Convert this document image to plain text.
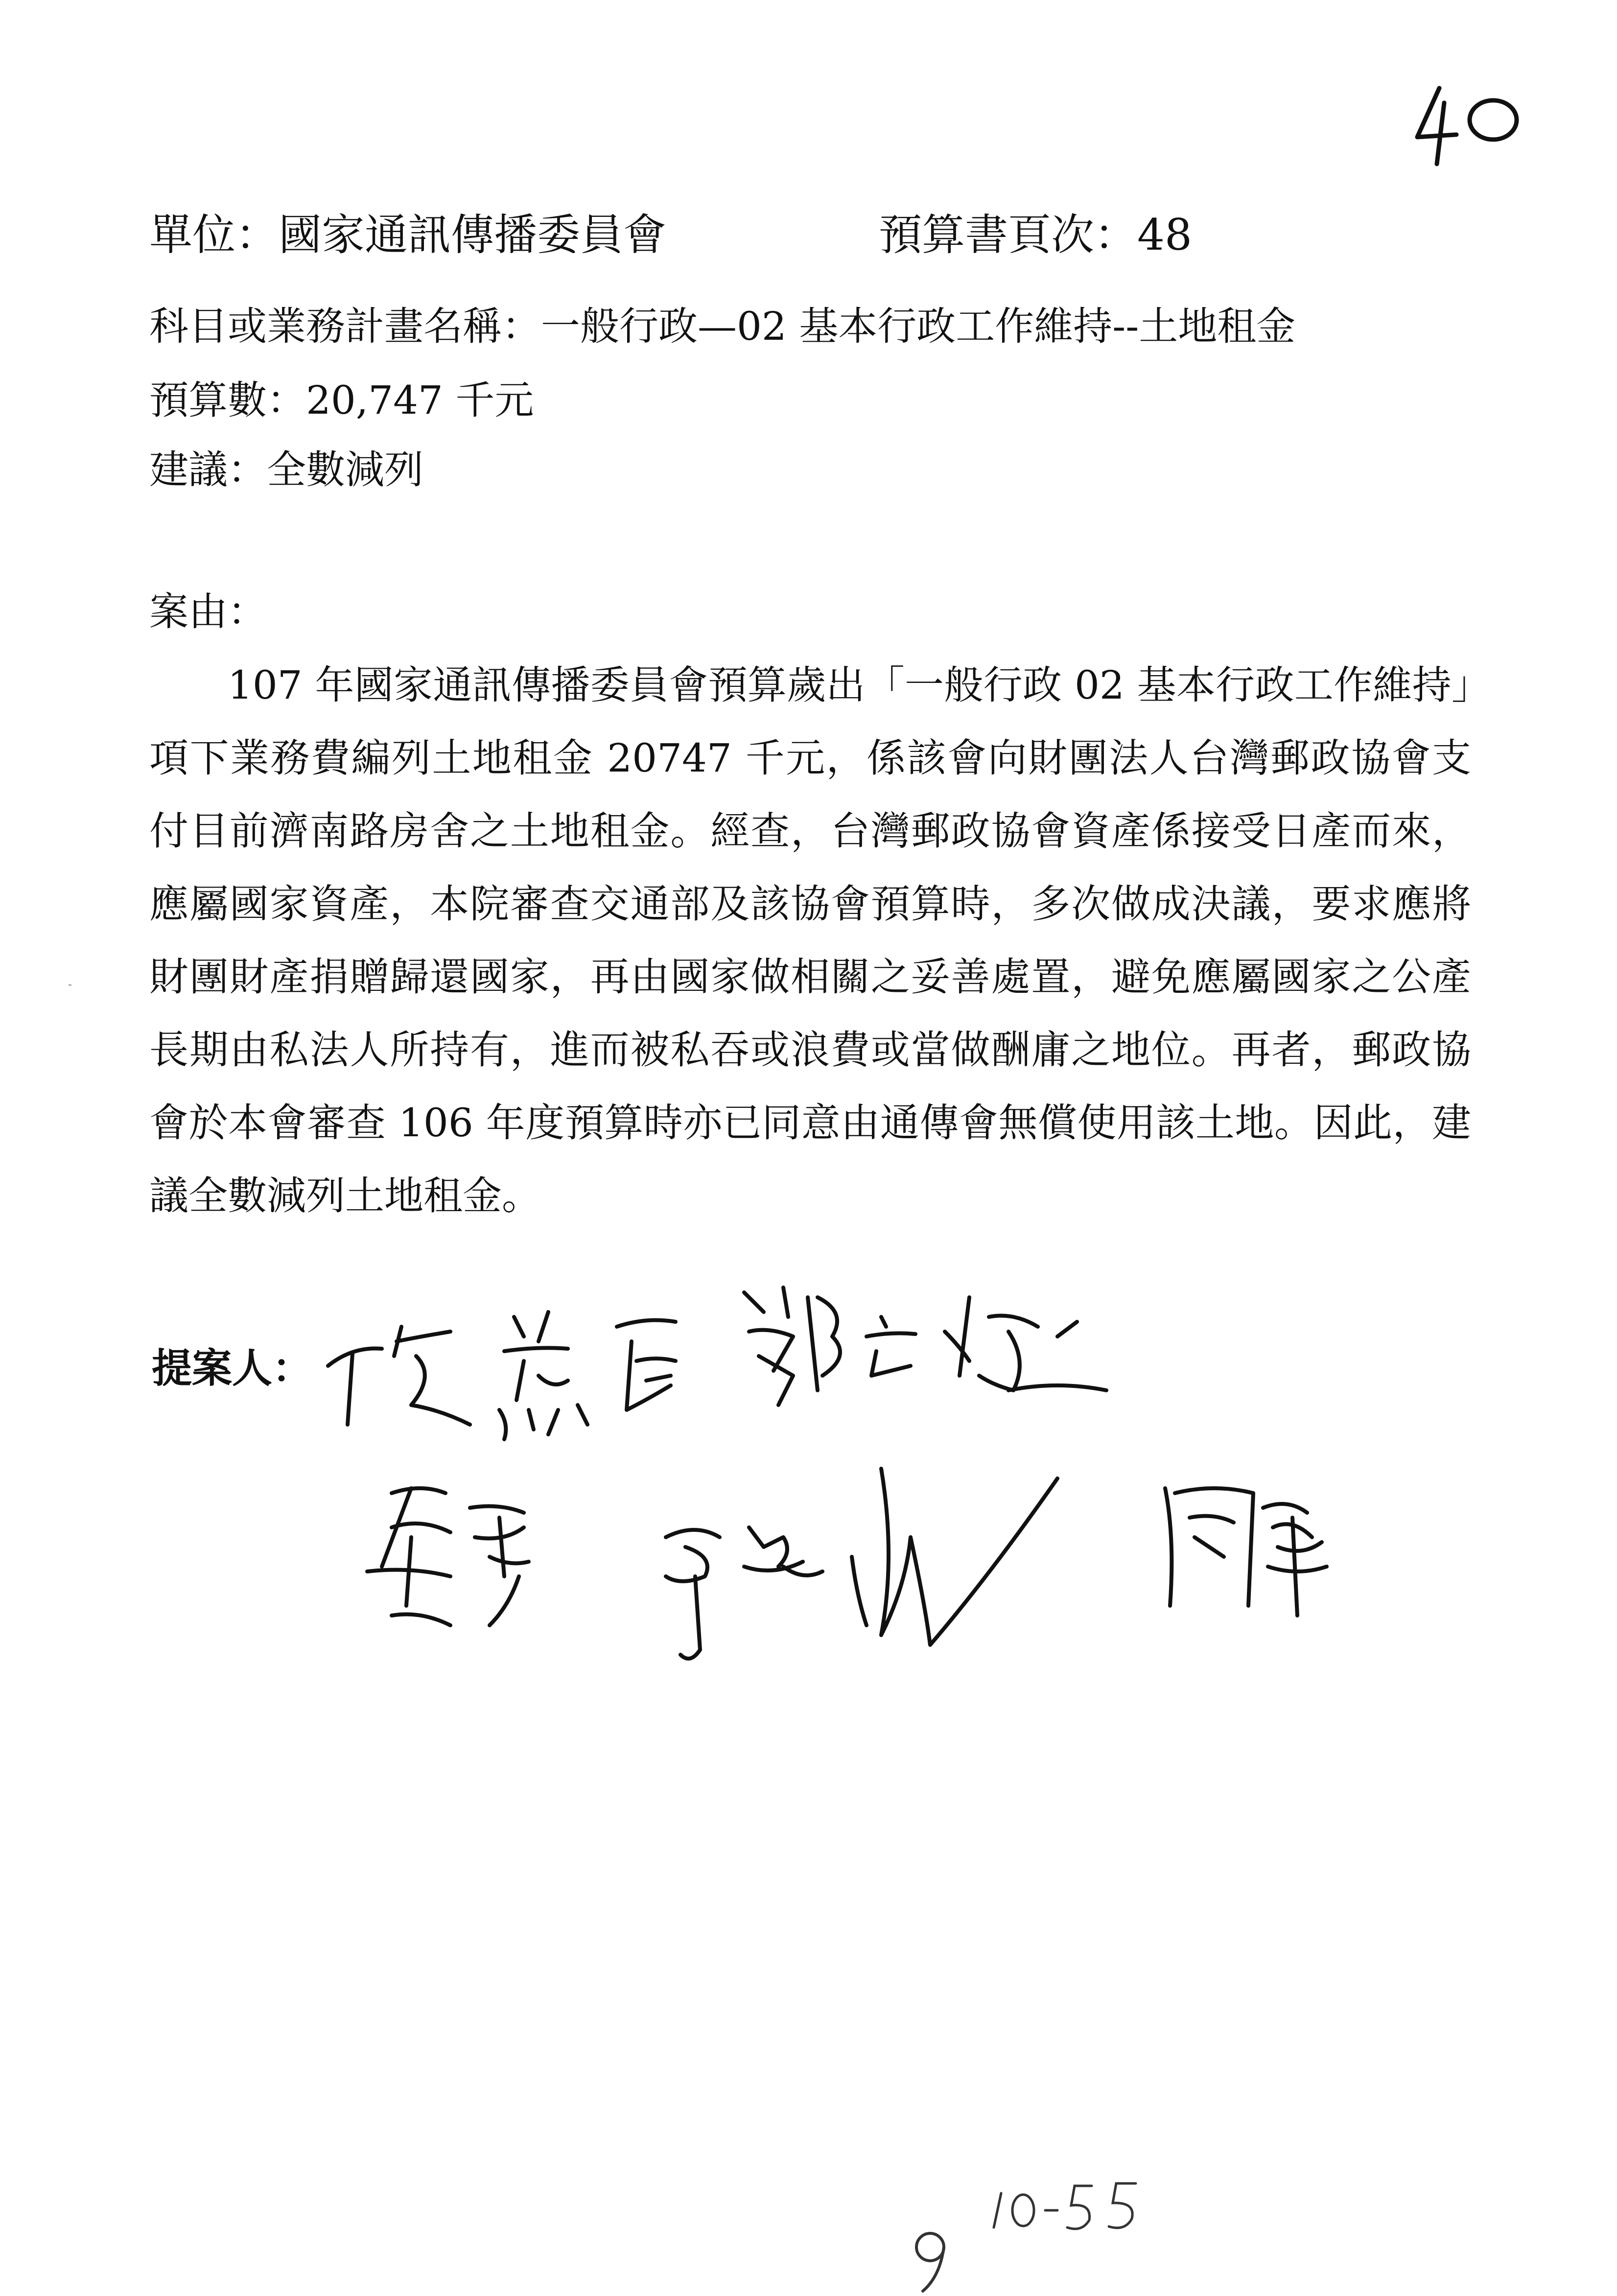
單位：國家通訊傳播委員會	預算書頁次：48
科目或業務計畫名稱：一般行政—02 基本行政工作維持--土地租金
預算數：20,747 千元
建議：全數減列
案由：

107 年國家通訊傳播委員會預算歲出「一般行政 02 基本行政工作維持」項下業務費編列土地租金 20747 千元，係該會向財團法人台灣郵政協會支付目前濟南路房舍之土地租金。經查，台灣郵政協會資產係接受日產而來，應屬國家資產，本院審查交通部及該協會預算時，多次做成決議，要求應將財團財產捐贈歸還國家，再由國家做相關之妥善處置，避免應屬國家之公產長期由私法人所持有，進而被私吞或浪費或當做酬庸之地位。再者，郵政協會於本會審查 106 年度預算時亦已同意由通傳會無償使用該土地。因此，建議全數減列土地租金。

提案人：
